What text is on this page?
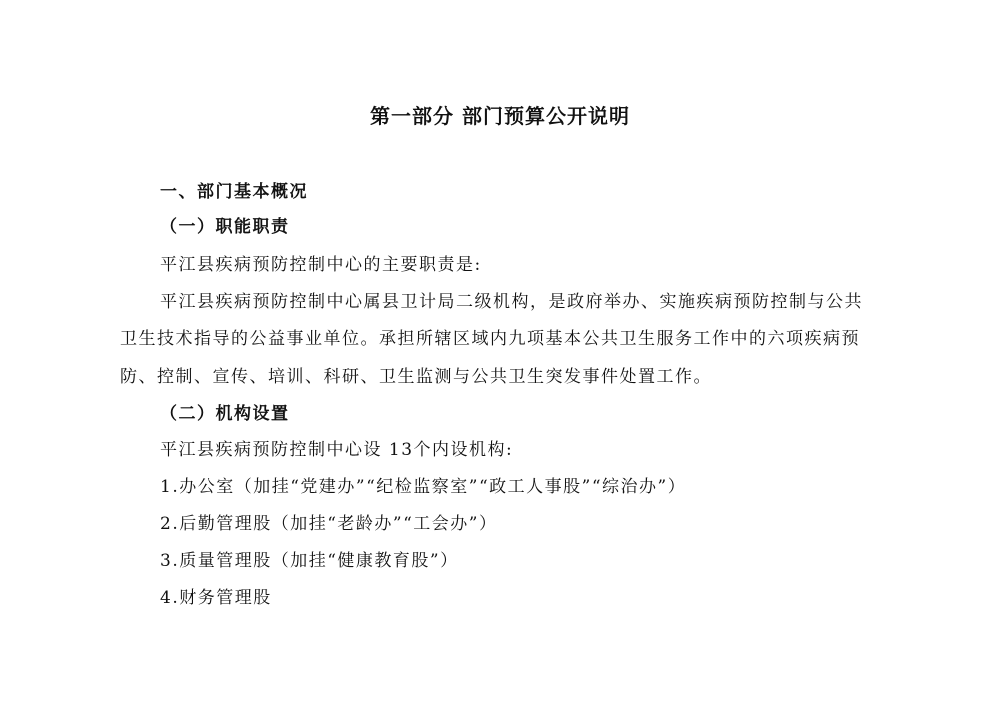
第一部分 部门预算公开说明
一、部门基本概况
（一）职能职责
平江县疾病预防控制中心的主要职责是:
平江县疾病预防控制中心属县卫计局二级机构，是政府举办、实施疾病预防控制与公共
卫生技术指导的公益事业单位。承担所辖区域内九项基本公共卫生服务工作中的六项疾病预
防、控制、宣传、培训、科研、卫生监测与公共卫生突发事件处置工作。
（二）机构设置
平江县疾病预防控制中心设 13个内设机构:
1.办公室（加挂“党建办”“纪检监察室”“政工人事股”“综治办”）
2.后勤管理股（加挂“老龄办”“工会办”）
3.质量管理股（加挂“健康教育股”）
4.财务管理股
